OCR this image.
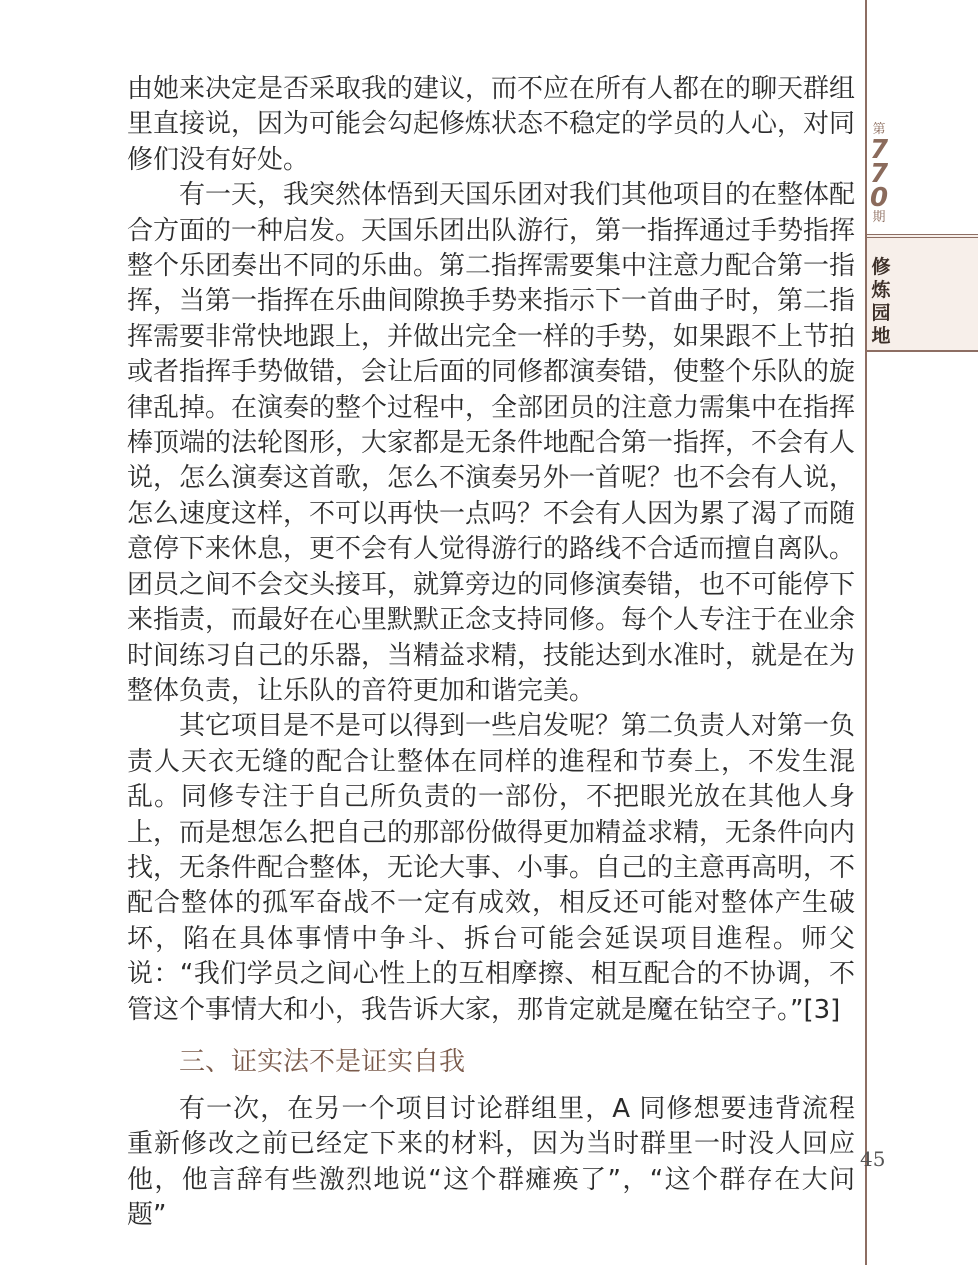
由她来决定是否采取我的建议，而不应在所有人都在的聊天群组里直接说，因为可能会勾起修炼状态不稳定的学员的人心，对同修们没有好处。

有一天，我突然体悟到天国乐团对我们其他项目的在整体配合方面的一种启发。天国乐团出队游行，第一指挥通过手势指挥整个乐团奏出不同的乐曲。第二指挥需要集中注意力配合第一指挥，当第一指挥在乐曲间隙换手势来指示下一首曲子时，第二指挥需要非常快地跟上，并做出完全一样的手势，如果跟不上节拍或者指挥手势做错，会让后面的同修都演奏错，使整个乐队的旋律乱掉。在演奏的整个过程中，全部团员的注意力需集中在指挥棒顶端的法轮图形，大家都是无条件地配合第一指挥，不会有人说，怎么演奏这首歌，怎么不演奏另外一首呢？也不会有人说，怎么速度这样，不可以再快一点吗？不会有人因为累了渴了而随意停下来休息，更不会有人觉得游行的路线不合适而擅自离队。团员之间不会交头接耳，就算旁边的同修演奏错，也不可能停下来指责，而最好在心里默默正念支持同修。每个人专注于在业余时间练习自己的乐器，当精益求精，技能达到水准时，就是在为整体负责，让乐队的音符更加和谐完美。

其它项目是不是可以得到一些启发呢？第二负责人对第一负责人天衣无缝的配合让整体在同样的進程和节奏上，不发生混乱。同修专注于自己所负责的一部份，不把眼光放在其他人身上，而是想怎么把自己的那部份做得更加精益求精，无条件向内找，无条件配合整体，无论大事、小事。自己的主意再高明，不配合整体的孤军奋战不一定有成效，相反还可能对整体产生破坏，陷在具体事情中争斗、拆台可能会延误项目進程。师父说：“我们学员之间心性上的互相摩擦、相互配合的不协调，不管这个事情大和小，我告诉大家，那肯定就是魔在钻空子。”[3]

三、证实法不是证实自我

有一次，在另一个项目讨论群组里，A 同修想要违背流程重新修改之前已经定下来的材料，因为当时群里一时没人回应他，他言辞有些激烈地说“这个群瘫痪了”，“这个群存在大问题”

第
7
7
0
期
修炼园地
45
